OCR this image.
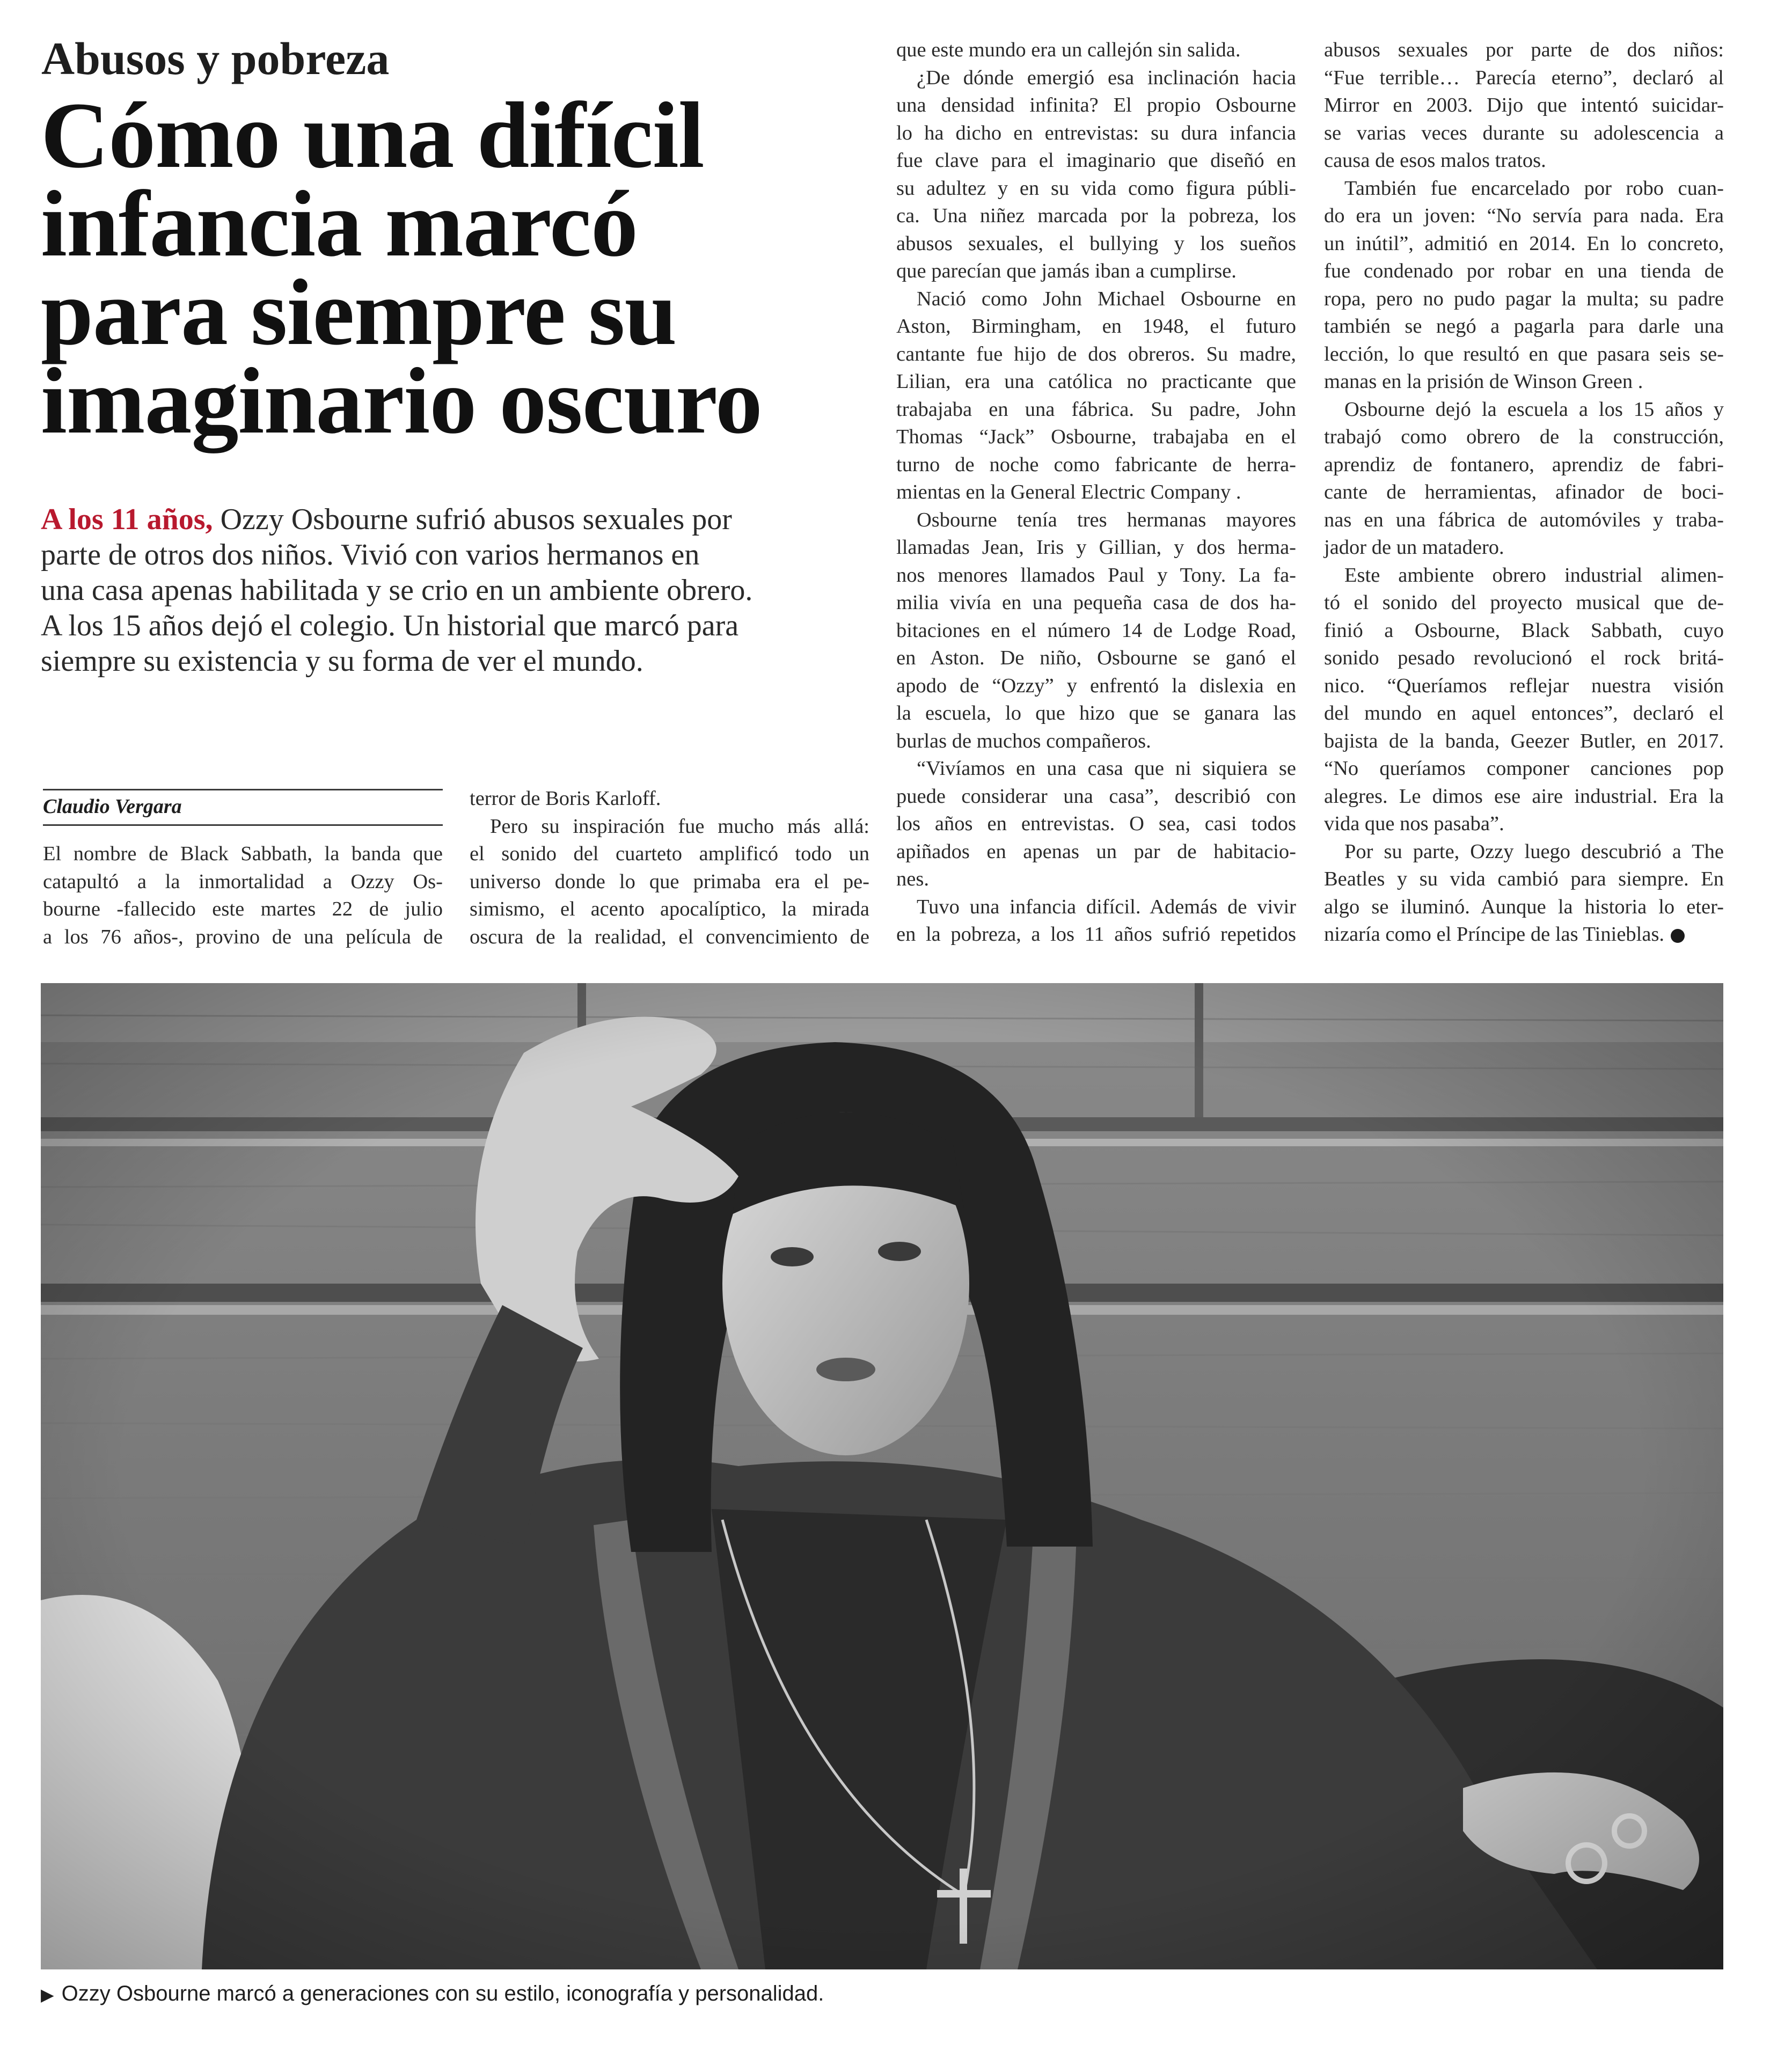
Abusos y pobreza
Cómo una difícil
infancia marcó
para siempre su
imaginario oscuro
A los 11 años, Ozzy Osbourne sufrió abusos sexuales por
parte de otros dos niños. Vivió con varios hermanos en
una casa apenas habilitada y se crio en un ambiente obrero.
A los 15 años dejó el colegio. Un historial que marcó para
siempre su existencia y su forma de ver el mundo.
Claudio Vergara
El nombre de Black Sabbath, la banda que
catapultó a la inmortalidad a Ozzy Os-
bourne -fallecido este martes 22 de julio
a los 76 años-, provino de una película de
terror de Boris Karloff.
Pero su inspiración fue mucho más allá:
el sonido del cuarteto amplificó todo un
universo donde lo que primaba era el pe-
simismo, el acento apocalíptico, la mirada
oscura de la realidad, el convencimiento de
que este mundo era un callejón sin salida.
¿De dónde emergió esa inclinación hacia
una densidad infinita? El propio Osbourne
lo ha dicho en entrevistas: su dura infancia
fue clave para el imaginario que diseñó en
su adultez y en su vida como figura públi-
ca. Una niñez marcada por la pobreza, los
abusos sexuales, el bullying y los sueños
que parecían que jamás iban a cumplirse.
Nació como John Michael Osbourne en
Aston, Birmingham, en 1948, el futuro
cantante fue hijo de dos obreros. Su madre,
Lilian, era una católica no practicante que
trabajaba en una fábrica. Su padre, John
Thomas “Jack” Osbourne, trabajaba en el
turno de noche como fabricante de herra-
mientas en la General Electric Company .
Osbourne tenía tres hermanas mayores
llamadas Jean, Iris y Gillian, y dos herma-
nos menores llamados Paul y Tony. La fa-
milia vivía en una pequeña casa de dos ha-
bitaciones en el número 14 de Lodge Road,
en Aston. De niño, Osbourne se ganó el
apodo de “Ozzy” y enfrentó la dislexia en
la escuela, lo que hizo que se ganara las
burlas de muchos compañeros.
“Vivíamos en una casa que ni siquiera se
puede considerar una casa”, describió con
los años en entrevistas. O sea, casi todos
apiñados en apenas un par de habitacio-
nes.
Tuvo una infancia difícil. Además de vivir
en la pobreza, a los 11 años sufrió repetidos
abusos sexuales por parte de dos niños:
“Fue terrible… Parecía eterno”, declaró al
Mirror en 2003. Dijo que intentó suicidar-
se varias veces durante su adolescencia a
causa de esos malos tratos.
También fue encarcelado por robo cuan-
do era un joven: “No servía para nada. Era
un inútil”, admitió en 2014. En lo concreto,
fue condenado por robar en una tienda de
ropa, pero no pudo pagar la multa; su padre
también se negó a pagarla para darle una
lección, lo que resultó en que pasara seis se-
manas en la prisión de Winson Green .
Osbourne dejó la escuela a los 15 años y
trabajó como obrero de la construcción,
aprendiz de fontanero, aprendiz de fabri-
cante de herramientas, afinador de boci-
nas en una fábrica de automóviles y traba-
jador de un matadero.
Este ambiente obrero industrial alimen-
tó el sonido del proyecto musical que de-
finió a Osbourne, Black Sabbath, cuyo
sonido pesado revolucionó el rock britá-
nico. “Queríamos reflejar nuestra visión
del mundo en aquel entonces”, declaró el
bajista de la banda, Geezer Butler, en 2017.
“No queríamos componer canciones pop
alegres. Le dimos ese aire industrial. Era la
vida que nos pasaba”.
Por su parte, Ozzy luego descubrió a The
Beatles y su vida cambió para siempre. En
algo se iluminó. Aunque la historia lo eter-
nizaría como el Príncipe de las Tinieblas.
▶ Ozzy Osbourne marcó a generaciones con su estilo, iconografía y personalidad.
